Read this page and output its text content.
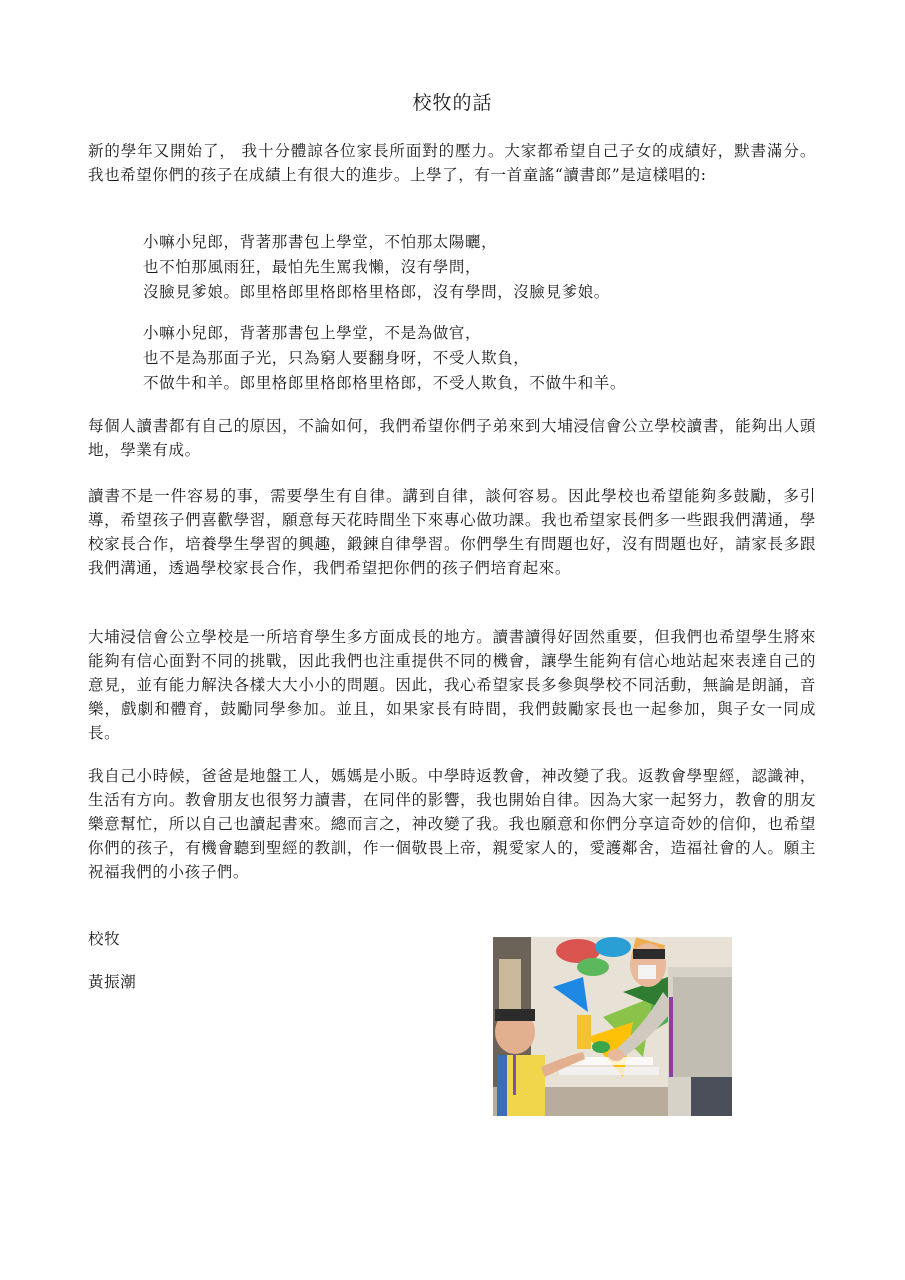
校牧的話

新的學年又開始了， 我十分體諒各位家長所面對的壓力。大家都希望自己子女的成績好，默書滿分。 我也希望你們的孩子在成績上有很大的進步。上學了，有一首童謠“讀書郎”是這樣唱的:

小嘛小兒郎，背著那書包上學堂，不怕那太陽曬，
也不怕那風雨狂，最怕先生罵我懶，沒有學問，
沒臉見爹娘。郎里格郎里格郎格里格郎，沒有學問，沒臉見爹娘。
小嘛小兒郎，背著那書包上學堂，不是為做官，
也不是為那面子光，只為窮人要翻身呀，不受人欺負，
不做牛和羊。郎里格郎里格郎格里格郎，不受人欺負，不做牛和羊。

每個人讀書都有自己的原因，不論如何，我們希望你們子弟來到大埔浸信會公立學校讀書，能夠出人頭地，學業有成。

讀書不是一件容易的事，需要學生有自律。講到自律，談何容易。因此學校也希望能夠多鼓勵，多引導，希望孩子們喜歡學習，願意每天花時間坐下來專心做功課。我也希望家長們多一些跟我們溝通，學校家長合作，培養學生學習的興趣，鍛鍊自律學習。你們學生有問題也好，沒有問題也好，請家長多跟我們溝通，透過學校家長合作，我們希望把你們的孩子們培育起來。

大埔浸信會公立學校是一所培育學生多方面成長的地方。讀書讀得好固然重要，但我們也希望學生將來能夠有信心面對不同的挑戰，因此我們也注重提供不同的機會，讓學生能夠有信心地站起來表達自己的意見，並有能力解決各樣大大小小的問題。因此，我心希望家長多參與學校不同活動，無論是朗誦，音樂，戲劇和體育，鼓勵同學參加。並且，如果家長有時間，我們鼓勵家長也一起參加，與子女一同成長。

我自己小時候，爸爸是地盤工人，媽媽是小販。中學時返教會，神改變了我。返教會學聖經，認識神，生活有方向。教會朋友也很努力讀書，在同伴的影響，我也開始自律。因為大家一起努力，教會的朋友樂意幫忙，所以自己也讀起書來。總而言之，神改變了我。我也願意和你們分享這奇妙的信仰，也希望你們的孩子，有機會聽到聖經的教訓，作一個敬畏上帝，親愛家人的，愛護鄰舍，造福社會的人。願主祝福我們的小孩子們。

校牧

黃振潮
